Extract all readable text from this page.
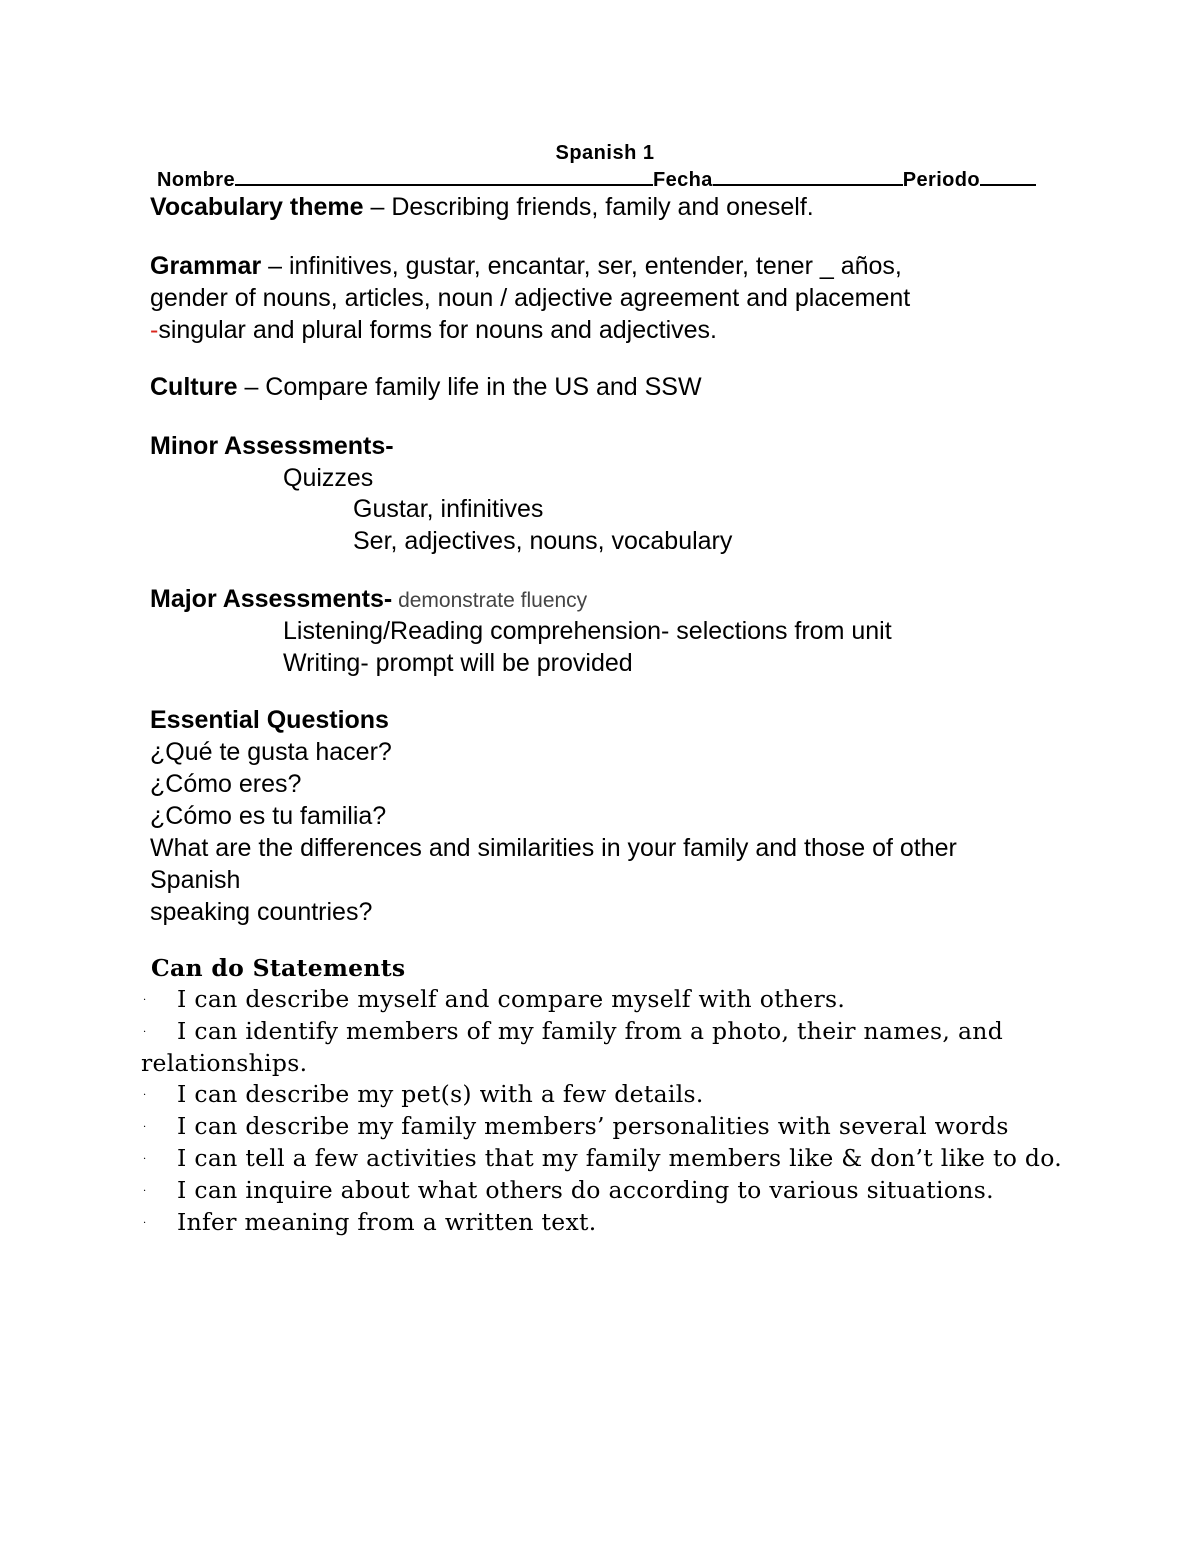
Spanish 1
Nombre	Fecha	Periodo
Vocabulary theme – Describing friends, family and oneself.
Grammar – infinitives, gustar, encantar, ser, entender, tener _ años,
gender of nouns, articles, noun / adjective agreement and placement
-singular and plural forms for nouns and adjectives.
Culture – Compare family life in the US and SSW
Minor Assessments-
Quizzes
Gustar, infinitives
Ser, adjectives, nouns, vocabulary
Major Assessments- demonstrate fluency
Listening/Reading comprehension- selections from unit
Writing- prompt will be provided
Essential Questions
¿Qué te gusta hacer?
¿Cómo eres?
¿Cómo es tu familia?
What are the differences and similarities in your family and those of other
Spanish
speaking countries?
Can do Statements
· I can describe myself and compare myself with others.
· I can identify members of my family from a photo, their names, and
relationships.
· I can describe my pet(s) with a few details.
· I can describe my family members’ personalities with several words
· I can tell a few activities that my family members like & don’t like to do.
· I can inquire about what others do according to various situations.
· Infer meaning from a written text.
